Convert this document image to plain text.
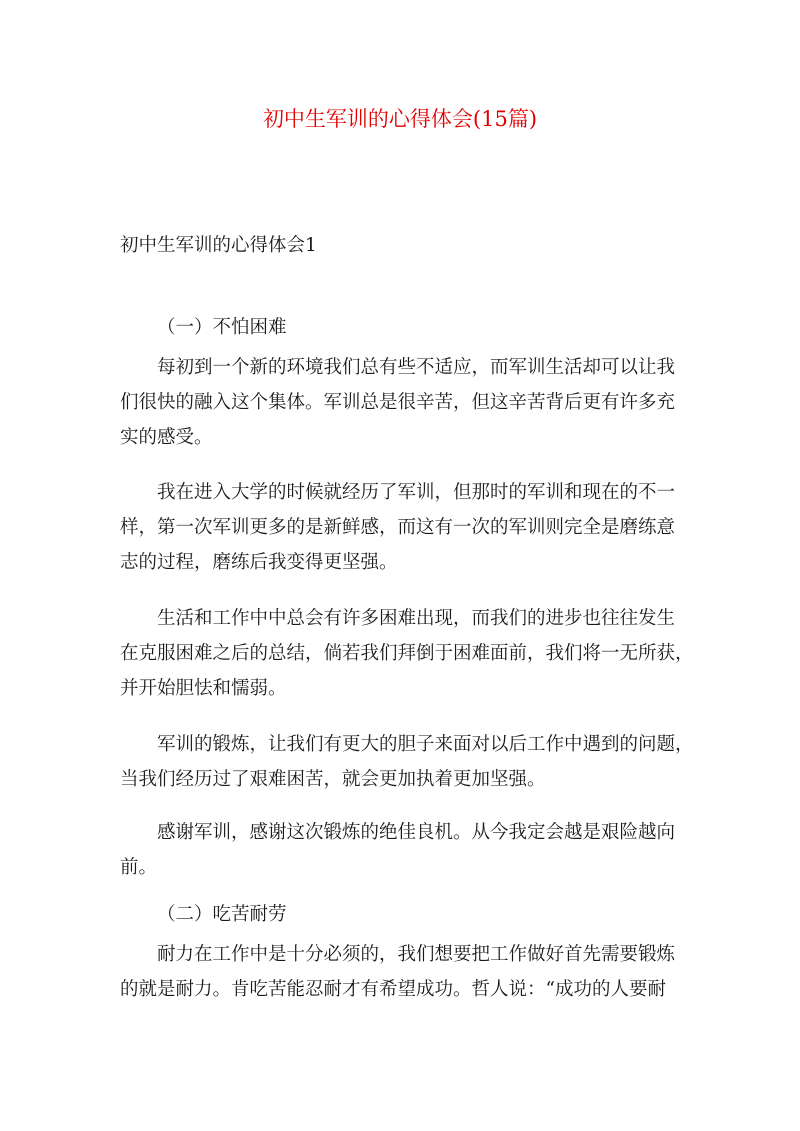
初中生军训的心得体会(15篇)
初中生军训的心得体会1
（一）不怕困难
每初到一个新的环境我们总有些不适应，而军训生活却可以让我
们很快的融入这个集体。军训总是很辛苦，但这辛苦背后更有许多充
实的感受。
我在进入大学的时候就经历了军训，但那时的军训和现在的不一
样，第一次军训更多的是新鲜感，而这有一次的军训则完全是磨练意
志的过程，磨练后我变得更坚强。
生活和工作中中总会有许多困难出现，而我们的进步也往往发生
在克服困难之后的总结，倘若我们拜倒于困难面前，我们将一无所获，
并开始胆怯和懦弱。
军训的锻炼，让我们有更大的胆子来面对以后工作中遇到的问题，
当我们经历过了艰难困苦，就会更加执着更加坚强。
感谢军训，感谢这次锻炼的绝佳良机。从今我定会越是艰险越向
前。
（二）吃苦耐劳
耐力在工作中是十分必须的，我们想要把工作做好首先需要锻炼
的就是耐力。肯吃苦能忍耐才有希望成功。哲人说：“成功的人要耐
